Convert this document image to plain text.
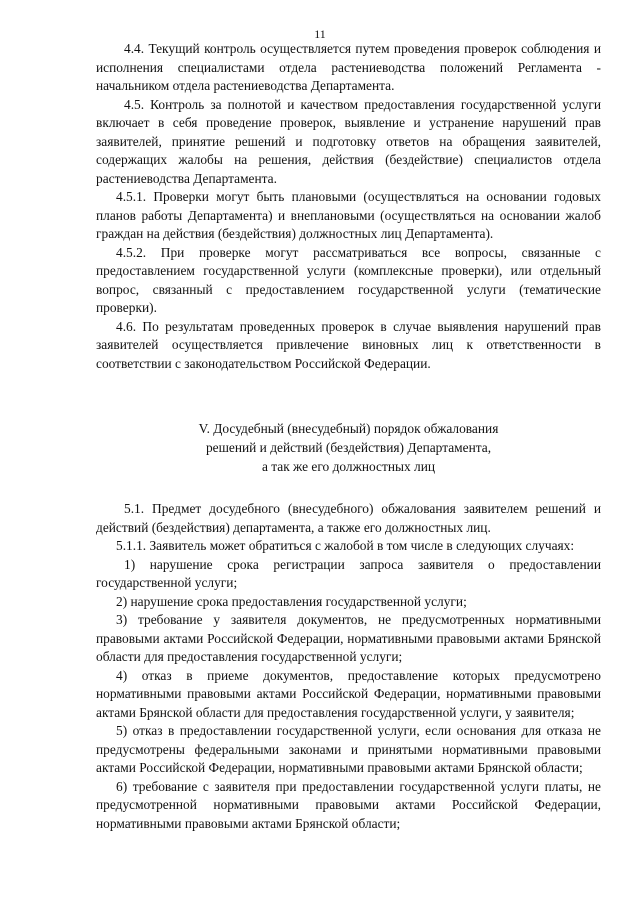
11

4.4. Текущий контроль осуществляется путем проведения проверок соблюдения и исполнения специалистами отдела растениеводства положений Регламента - начальником отдела растениеводства Департамента.

4.5. Контроль за полнотой и качеством предоставления государственной услуги включает в себя проведение проверок, выявление и устранение нарушений прав заявителей, принятие решений и подготовку ответов на обращения заявителей, содержащих жалобы на решения, действия (бездействие) специалистов отдела растениеводства Департамента.

4.5.1. Проверки могут быть плановыми (осуществляться на основании годовых планов работы Департамента) и внеплановыми (осуществляться на основании жалоб граждан на действия (бездействия) должностных лиц Департамента).

4.5.2. При проверке могут рассматриваться все вопросы, связанные с предоставлением государственной услуги (комплексные проверки), или отдельный вопрос, связанный с предоставлением государственной услуги (тематические проверки).

4.6. По результатам проведенных проверок в случае выявления нарушений прав заявителей осуществляется привлечение виновных лиц к ответственности в соответствии с законодательством Российской Федерации.

V. Досудебный (внесудебный) порядок обжалования
решений и действий (бездействия) Департамента,
а так же его должностных лиц

5.1. Предмет досудебного (внесудебного) обжалования заявителем решений и действий (бездействия) департамента, а также его должностных лиц.

5.1.1. Заявитель может обратиться с жалобой в том числе в следующих случаях:

1) нарушение срока регистрации запроса заявителя о предоставлении государственной услуги;

2) нарушение срока предоставления государственной услуги;

3) требование у заявителя документов, не предусмотренных нормативными правовыми актами Российской Федерации, нормативными правовыми актами Брянской области для предоставления государственной услуги;

4) отказ в приеме документов, предоставление которых предусмотрено нормативными правовыми актами Российской Федерации, нормативными правовыми актами Брянской области для предоставления государственной услуги, у заявителя;

5) отказ в предоставлении государственной услуги, если основания для отказа не предусмотрены федеральными законами и принятыми нормативными правовыми актами Российской Федерации, нормативными правовыми актами Брянской области;

6) требование с заявителя при предоставлении государственной услуги платы, не предусмотренной нормативными правовыми актами Российской Федерации, нормативными правовыми актами Брянской области;
